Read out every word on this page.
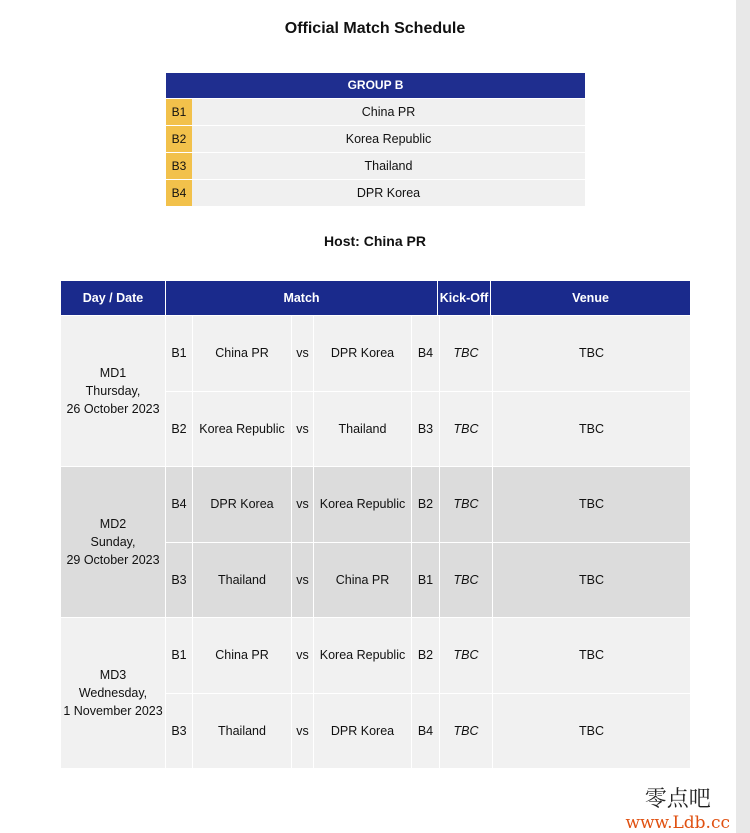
Official Match Schedule
GROUP B
B1	China PR
B2	Korea Republic
B3	Thailand
B4	DPR Korea
Host: China PR
Day / Date	Match	Kick-Off	Venue
MD1
Thursday,
26 October 2023
B1	China PR	vs	DPR Korea	B4	TBC	TBC
B2	Korea Republic vs	Thailand	B3	TBC	TBC
MD2
Sunday,
29 October 2023
B4	DPR Korea	vs Korea Republic	B2	TBC	TBC
B3	Thailand	vs	China PR	B1	TBC	TBC
MD3
Wednesday,
1 November 2023
B1	China PR	vs Korea Republic	B2	TBC	TBC
B3	Thailand	vs	DPR Korea	B4	TBC	TBC
零点吧
www.Ldb.cc
